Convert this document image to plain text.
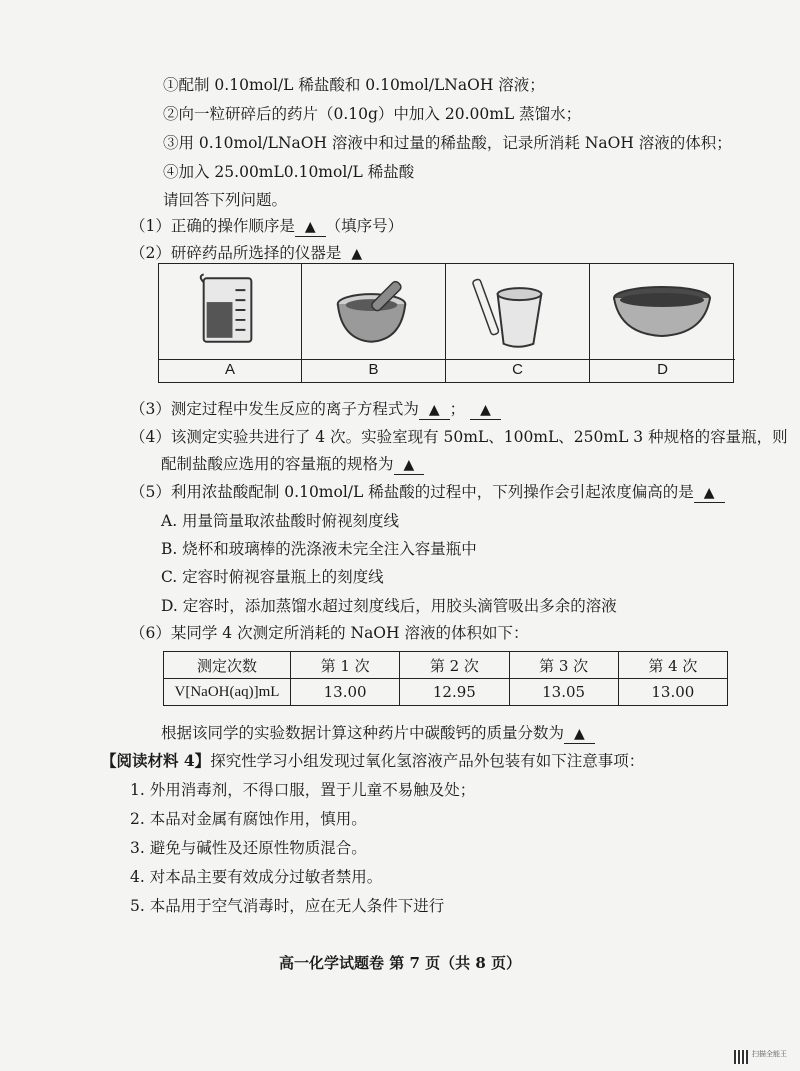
①配制 0.10mol/L 稀盐酸和 0.10mol/LNaOH 溶液；
②向一粒研碎后的药片（0.10g）中加入 20.00mL 蒸馏水；
③用 0.10mol/LNaOH 溶液中和过量的稀盐酸，记录所消耗 NaOH 溶液的体积；
④加入 25.00mL0.10mol/L 稀盐酸
请回答下列问题。
（1）正确的操作顺序是 ▲ （填序号）
（2）研碎药品所选择的仪器是 ▲
A	B	C	D
（3）测定过程中发生反应的离子方程式为 ▲ ； ▲
（4）该测定实验共进行了 4 次。实验室现有 50mL、100mL、250mL 3 种规格的容量瓶，则
配制盐酸应选用的容量瓶的规格为 ▲
（5）利用浓盐酸配制 0.10mol/L 稀盐酸的过程中，下列操作会引起浓度偏高的是 ▲
A. 用量筒量取浓盐酸时俯视刻度线
B. 烧杯和玻璃棒的洗涤液未完全注入容量瓶中
C. 定容时俯视容量瓶上的刻度线
D. 定容时，添加蒸馏水超过刻度线后，用胶头滴管吸出多余的溶液
（6）某同学 4 次测定所消耗的 NaOH 溶液的体积如下：
测定次数	第 1 次	第 2 次	第 3 次	第 4 次
V[NaOH(aq)]mL	13.00	12.95	13.05	13.00
根据该同学的实验数据计算这种药片中碳酸钙的质量分数为 ▲
【阅读材料 4】探究性学习小组发现过氧化氢溶液产品外包装有如下注意事项：
1. 外用消毒剂，不得口服，置于儿童不易触及处；
2. 本品对金属有腐蚀作用，慎用。
3. 避免与碱性及还原性物质混合。
4. 对本品主要有效成分过敏者禁用。
5. 本品用于空气消毒时，应在无人条件下进行
高一化学试题卷 第 7 页（共 8 页）
扫描全能王
